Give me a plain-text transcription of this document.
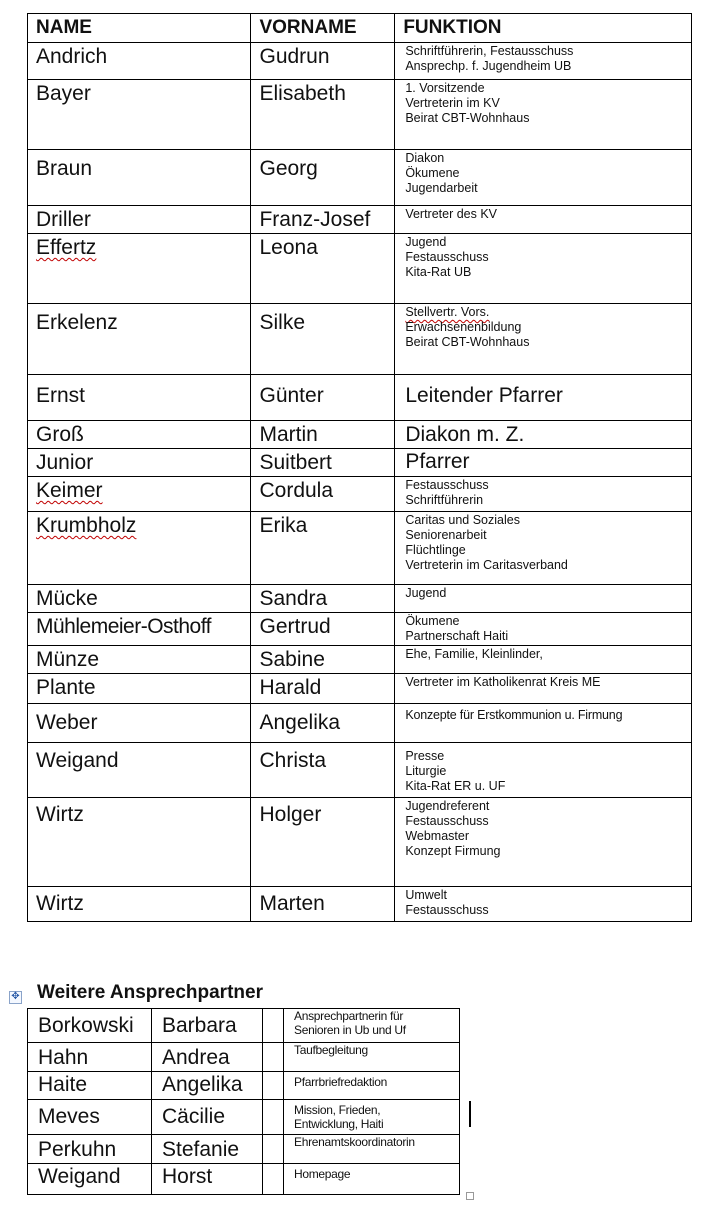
NAME	VORNAME	FUNKTION
Andrich	Gudrun	Schriftführerin, Festausschuss
Ansprechp. f. Jugendheim UB

Bayer	Elisabeth	1. Vorsitzende
Vertreterin im KV
Beirat CBT-Wohnhaus

Braun	Georg	Diakon
Ökumene
Jugendarbeit

Driller	Franz-Josef	Vertreter des KV

Effertz	Leona	Jugend
Festausschuss
Kita-Rat UB

Erkelenz	Silke	Stellvertr. Vors.
Erwachsenenbildung
Beirat CBT-Wohnhaus

Ernst	Günter	Leitender Pfarrer

Groß	Martin	Diakon m. Z.

Junior	Suitbert	Pfarrer

Keimer	Cordula	Festausschuss
Schriftführerin

Krumbholz	Erika	Caritas und Soziales
Seniorenarbeit
Flüchtlinge
Vertreterin im Caritasverband

Mücke	Sandra	Jugend

Mühlemeier-Osthoff	Gertrud	Ökumene
Partnerschaft Haiti

Münze	Sabine	Ehe, Familie, Kleinlinder,

Plante	Harald	Vertreter im Katholikenrat Kreis ME

Weber	Angelika	Konzepte für Erstkommunion u. Firmung

Weigand	Christa	Presse
Liturgie
Kita-Rat ER u. UF

Wirtz	Holger	Jugendreferent
Festausschuss
Webmaster
Konzept Firmung

Wirtz	Marten	Umwelt
Festausschuss
✥ Weitere Ansprechpartner
Borkowski	Barbara		Ansprechpartnerin für
Senioren in Ub und Uf

Hahn	Andrea		Taufbegleitung

Haite	Angelika		Pfarrbriefredaktion

Meves	Cäcilie		Mission, Frieden,
Entwicklung, Haiti

Perkuhn	Stefanie		Ehrenamtskoordinatorin

Weigand	Horst		Homepage
